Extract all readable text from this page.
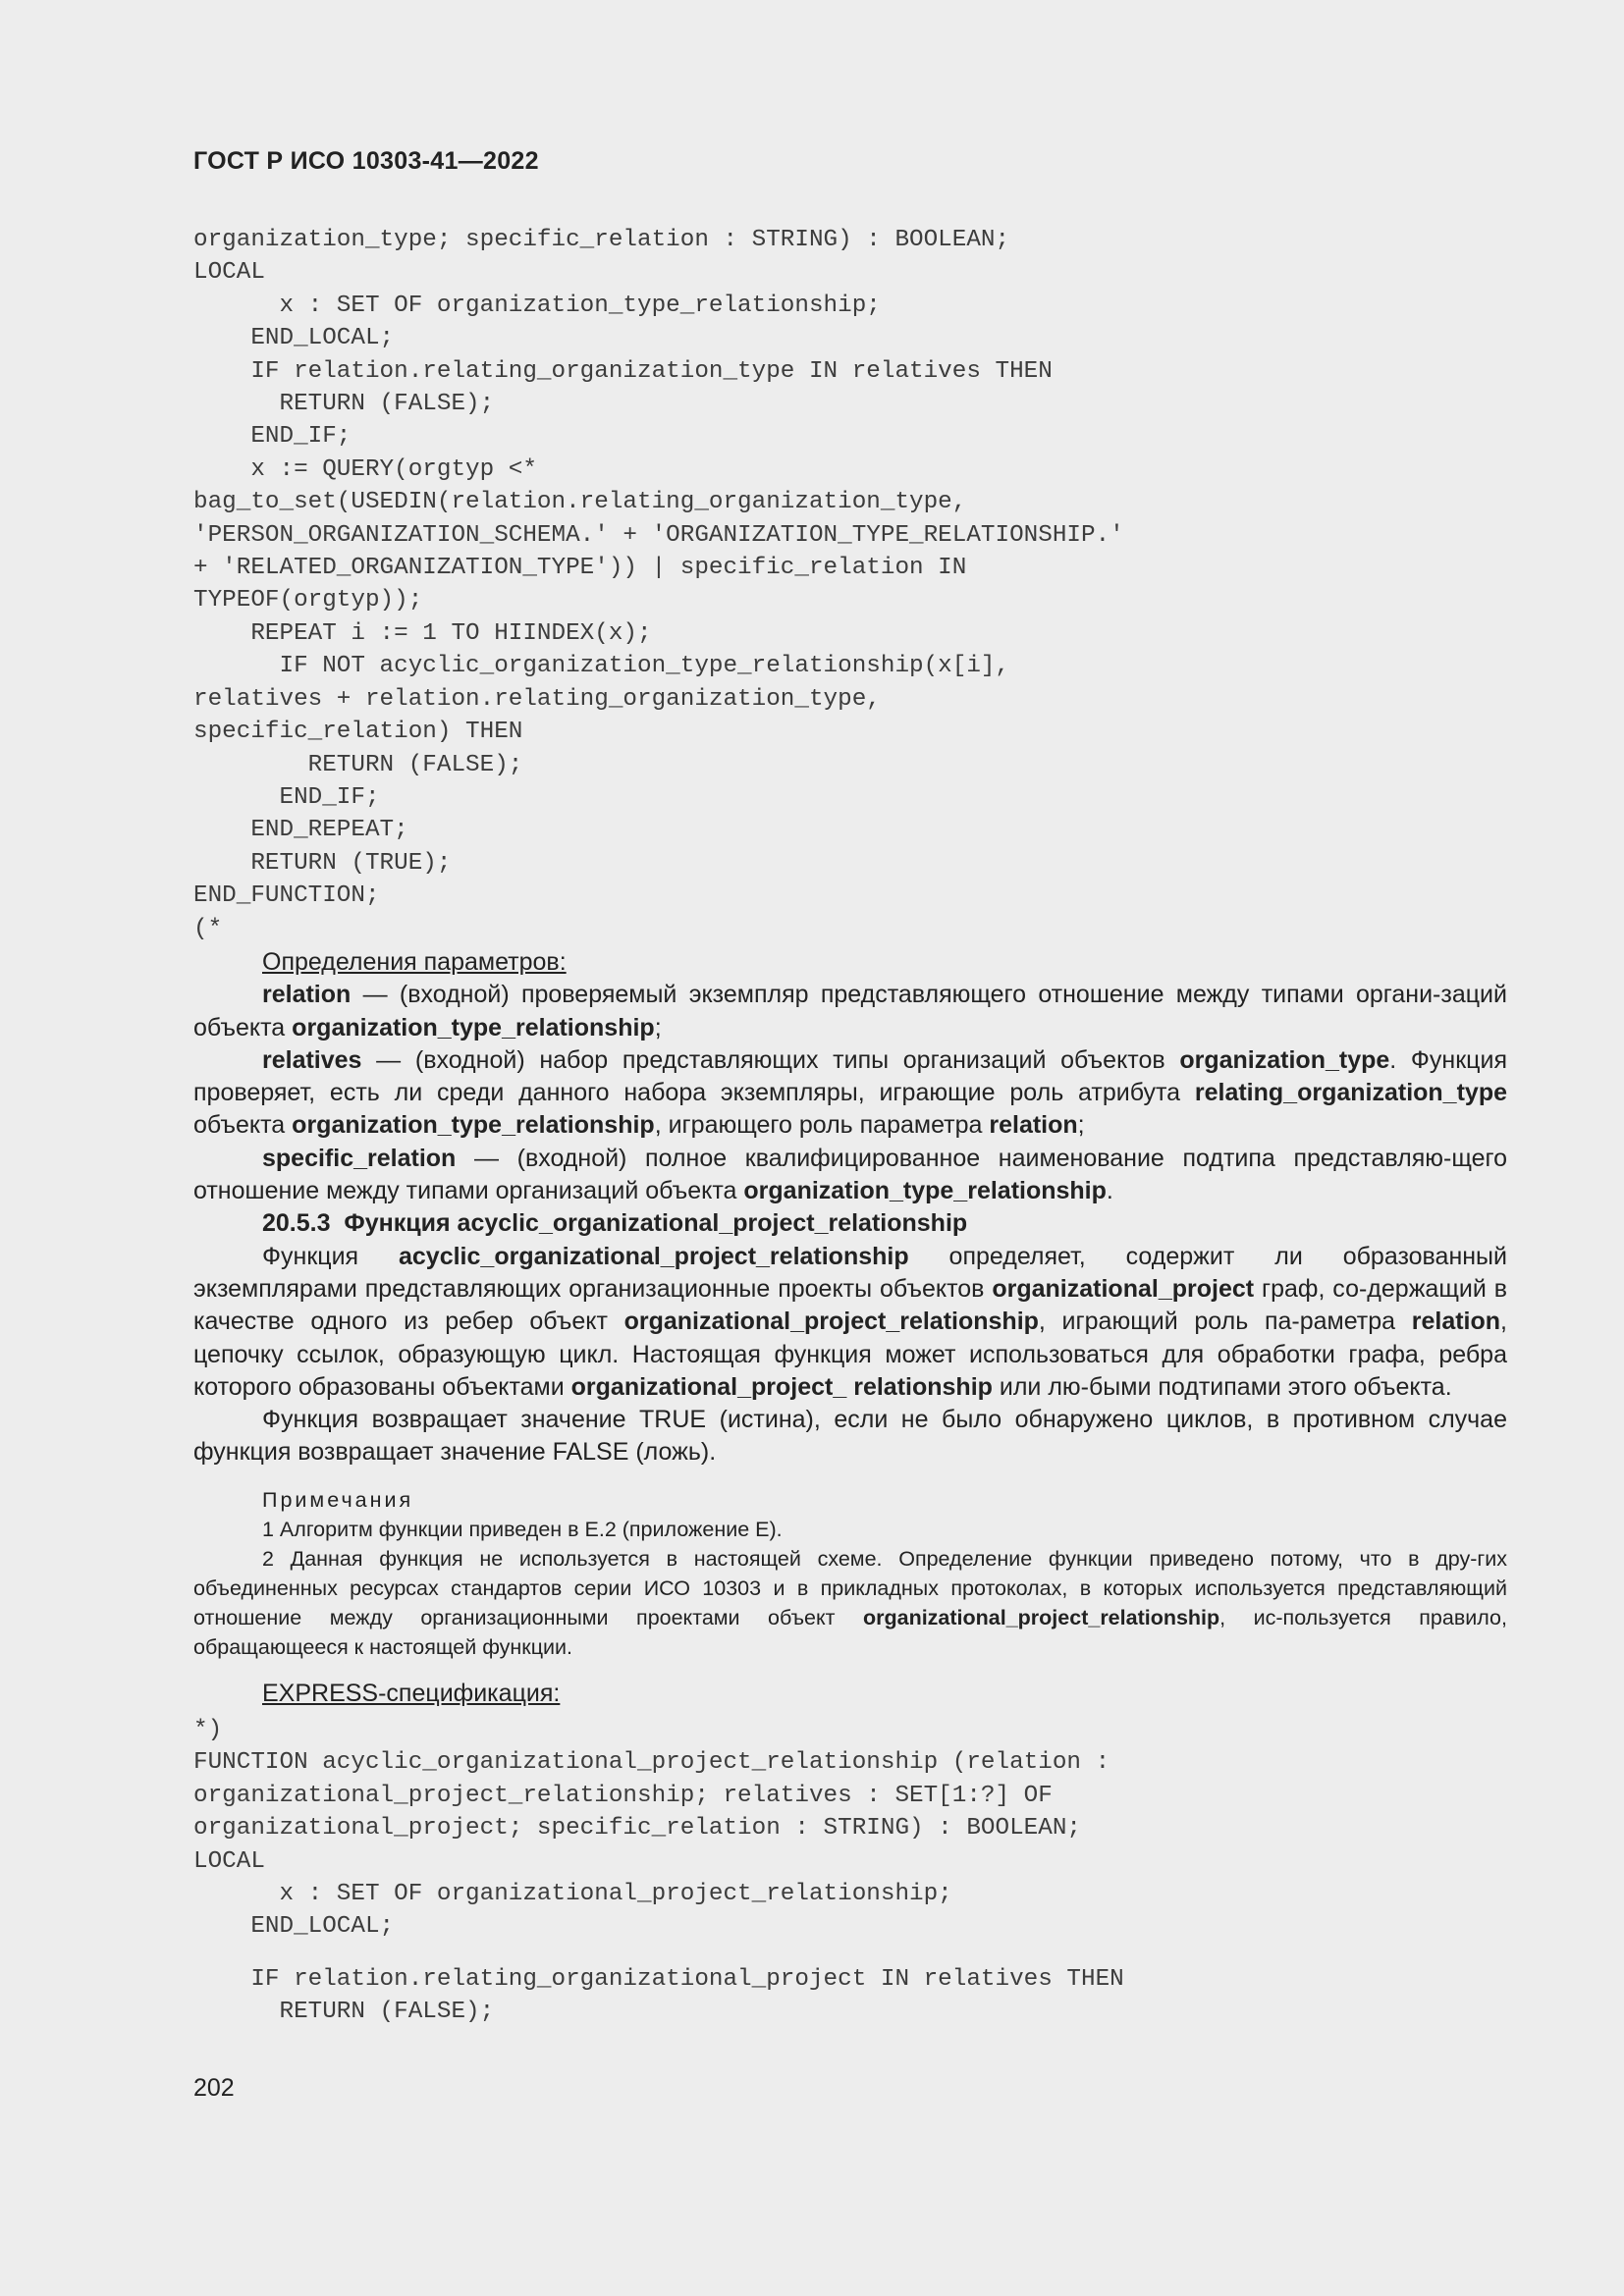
ГОСТ Р ИСО 10303-41—2022
organization_type; specific_relation : STRING) : BOOLEAN;
LOCAL
x : SET OF organization_type_relationship;
END_LOCAL;
IF relation.relating_organization_type IN relatives THEN
RETURN (FALSE);
END_IF;
x := QUERY(orgtyp <*
bag_to_set(USEDIN(relation.relating_organization_type,
'PERSON_ORGANIZATION_SCHEMA.' + 'ORGANIZATION_TYPE_RELATIONSHIP.'
+ 'RELATED_ORGANIZATION_TYPE')) | specific_relation IN
TYPEOF(orgtyp));
REPEAT i := 1 TO HIINDEX(x);
IF NOT acyclic_organization_type_relationship(x[i],
relatives + relation.relating_organization_type,
specific_relation) THEN
RETURN (FALSE);
END_IF;
END_REPEAT;
RETURN (TRUE);
END_FUNCTION;
(*

Определения параметров:

relation — (входной) проверяемый экземпляр представляющего отношение между типами органи-заций объекта organization_type_relationship;

relatives — (входной) набор представляющих типы организаций объектов organization_type. Функция проверяет, есть ли среди данного набора экземпляры, играющие роль атрибута relating_organization_type объекта organization_type_relationship, играющего роль параметра relation;

specific_relation — (входной) полное квалифицированное наименование подтипа представляю-щего отношение между типами организаций объекта organization_type_relationship.

20.5.3 Функция acyclic_organizational_project_relationship

Функция acyclic_organizational_project_relationship определяет, содержит ли образованный экземплярами представляющих организационные проекты объектов organizational_project граф, со-держащий в качестве одного из ребер объект organizational_project_relationship, играющий роль па-раметра relation, цепочку ссылок, образующую цикл. Настоящая функция может использоваться для обработки графа, ребра которого образованы объектами organizational_project_ relationship или лю-быми подтипами этого объекта.

Функция возвращает значение TRUE (истина), если не было обнаружено циклов, в противном случае функция возвращает значение FALSE (ложь).

Примечания

1 Алгоритм функции приведен в Е.2 (приложение Е).

2 Данная функция не используется в настоящей схеме. Определение функции приведено потому, что в дру-гих объединенных ресурсах стандартов серии ИСО 10303 и в прикладных протоколах, в которых используется представляющий отношение между организационными проектами объект organizational_project_relationship, ис-пользуется правило, обращающееся к настоящей функции.

EXPRESS-спецификация:

*)
FUNCTION acyclic_organizational_project_relationship (relation :
organizational_project_relationship; relatives : SET[1:?] OF
organizational_project; specific_relation : STRING) : BOOLEAN;
LOCAL
x : SET OF organizational_project_relationship;
END_LOCAL;
IF relation.relating_organizational_project IN relatives THEN
RETURN (FALSE);
202
